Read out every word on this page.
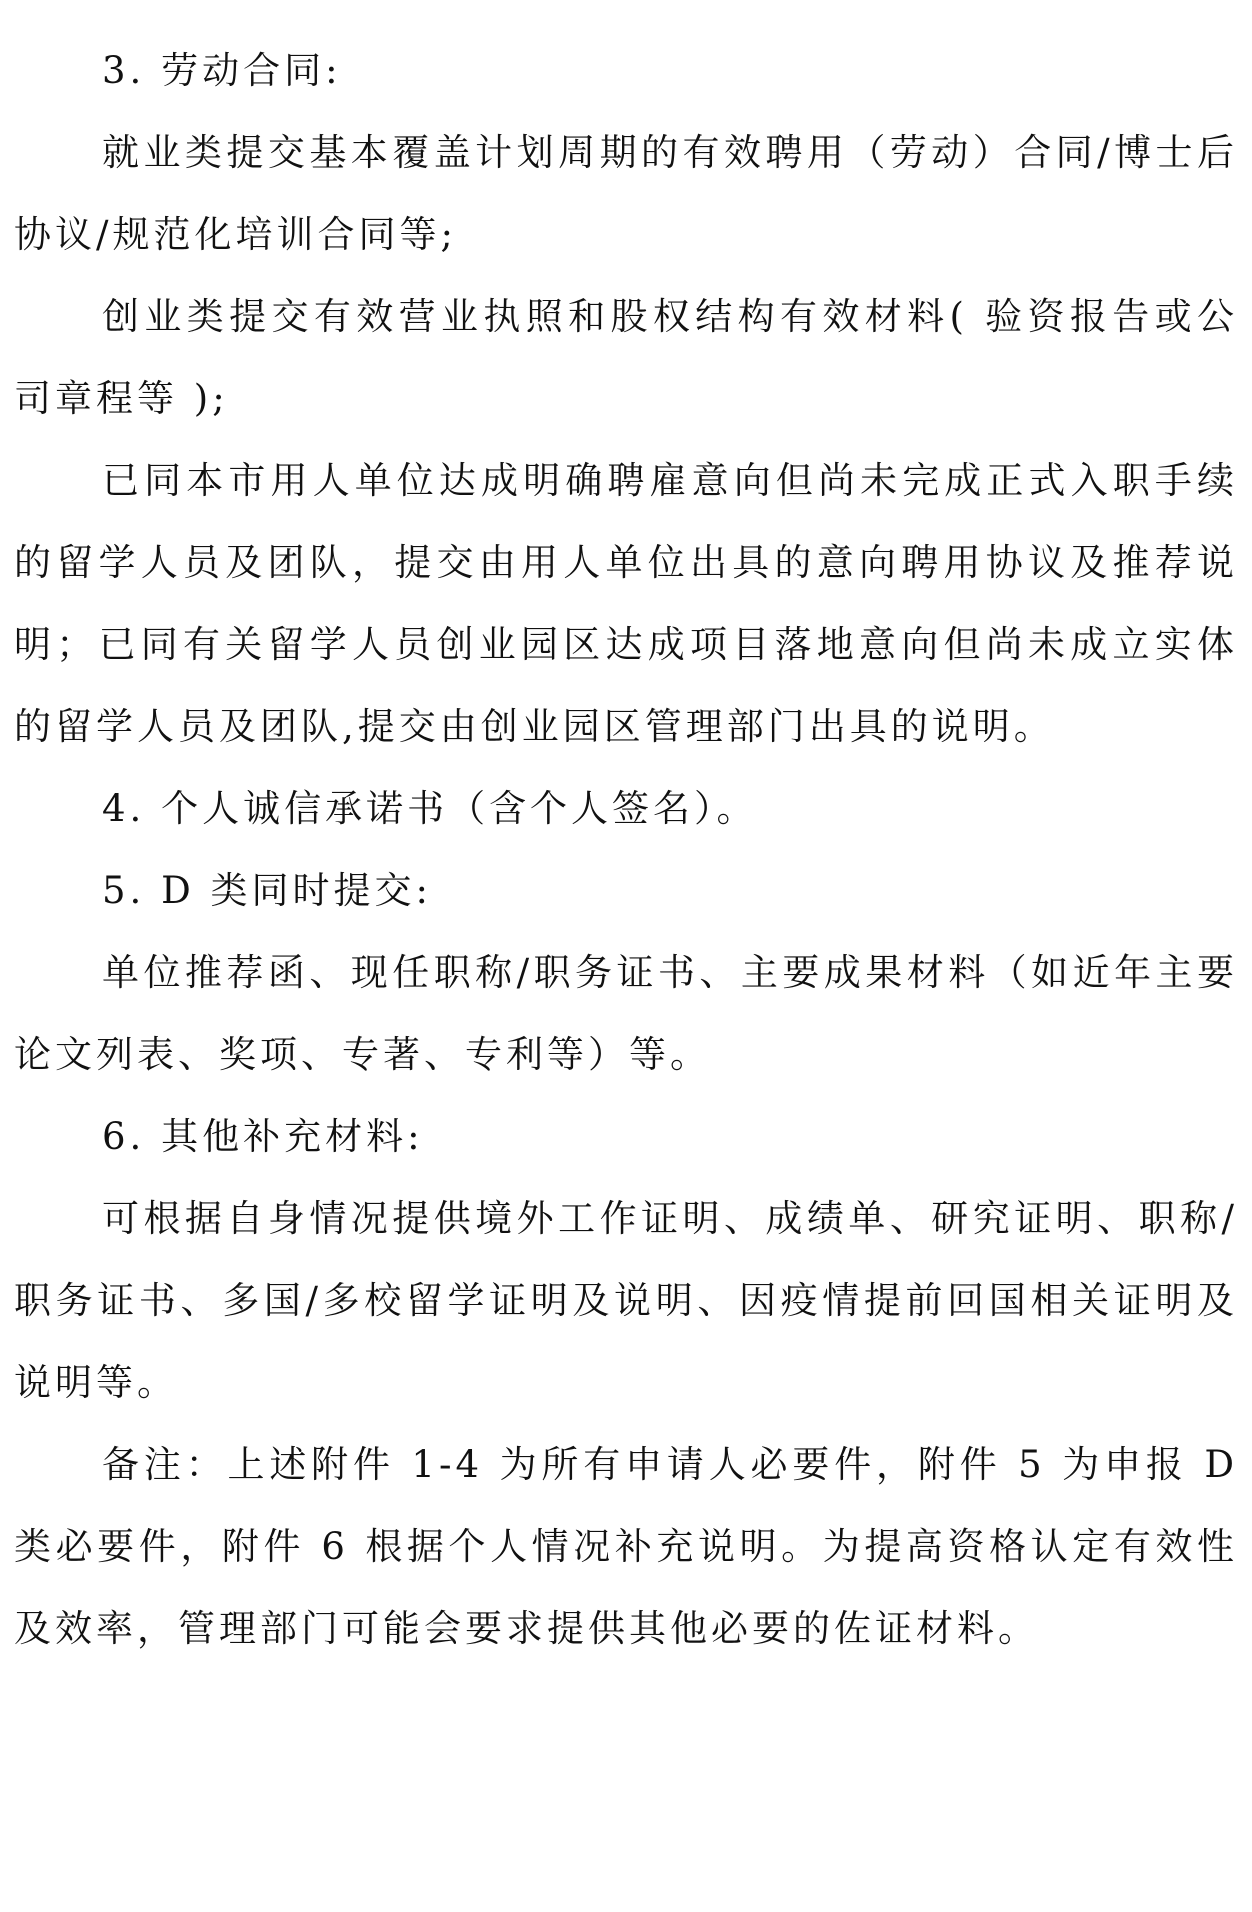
3. 劳动合同:

就业类提交基本覆盖计划周期的有效聘用（劳动）合同/博士后协议/规范化培训合同等;

创业类提交有效营业执照和股权结构有效材料( 验资报告或公司章程等 );

已同本市用人单位达成明确聘雇意向但尚未完成正式入职手续的留学人员及团队，提交由用人单位出具的意向聘用协议及推荐说明；已同有关留学人员创业园区达成项目落地意向但尚未成立实体的留学人员及团队,提交由创业园区管理部门出具的说明。

4. 个人诚信承诺书（含个人签名）。

5. D 类同时提交:

单位推荐函、现任职称/职务证书、主要成果材料（如近年主要论文列表、奖项、专著、专利等）等。

6. 其他补充材料:

可根据自身情况提供境外工作证明、成绩单、研究证明、职称/职务证书、多国/多校留学证明及说明、因疫情提前回国相关证明及说明等。

备注：上述附件 1-4 为所有申请人必要件，附件 5 为申报 D 类必要件，附件 6 根据个人情况补充说明。为提高资格认定有效性及效率，管理部门可能会要求提供其他必要的佐证材料。
